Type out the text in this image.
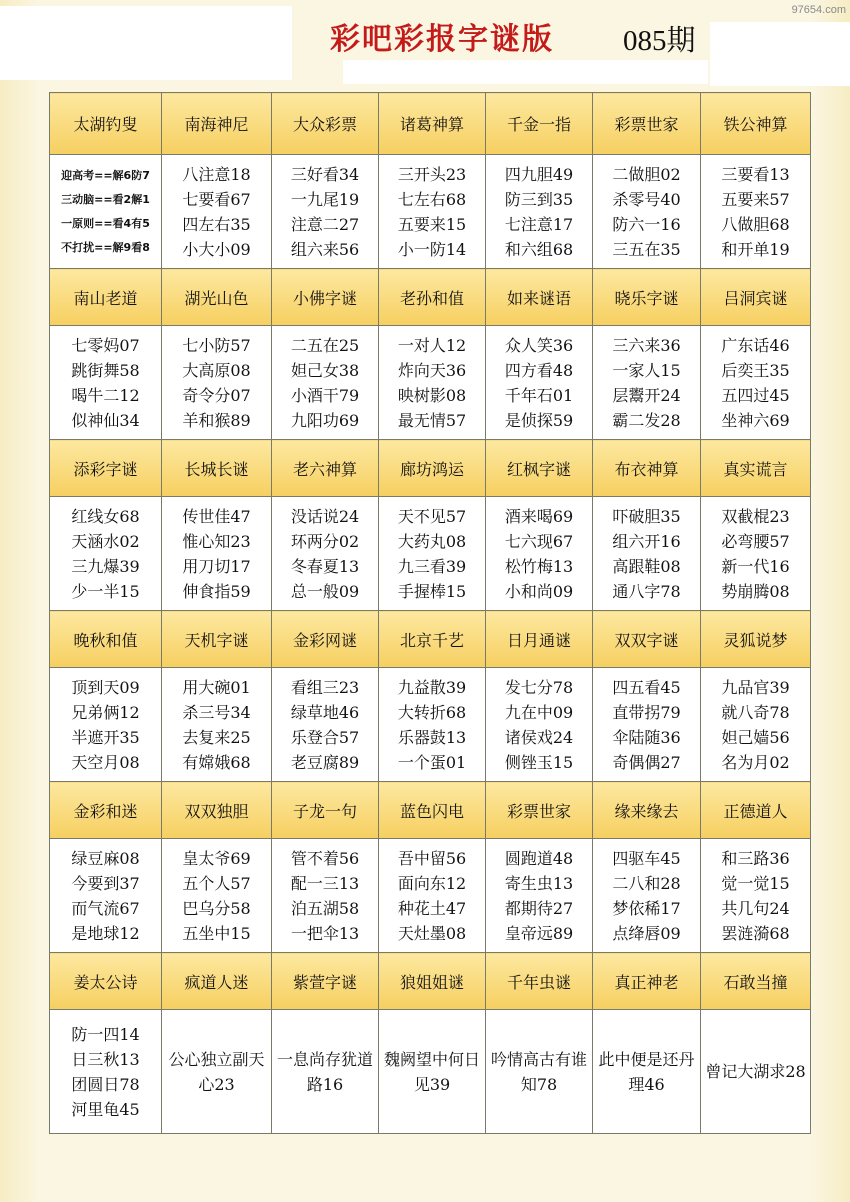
97654.com
彩吧彩报字谜版 085期
太湖钓叟	南海神尼	大众彩票	诸葛神算	千金一指	彩票世家	铁公神算

迎高考==解6防7
三动脑==看2解1
一原则==看4有5
不打扰==解9看8	八注意18
七要看67
四左右35
小大小09	三好看34
一九尾19
注意二27
组六来56	三开头23
七左右68
五要来15
小一防14	四九胆49
防三到35
七注意17
和六组68	二做胆02
杀零号40
防六一16
三五在35	三要看13
五要来57
八做胆68
和开单19

南山老道	湖光山色	小佛字谜	老孙和值	如来谜语	晓乐字谜	吕洞宾谜

七零妈07
跳街舞58
喝牛二12
似神仙34	七小防57
大高原08
奇令分07
羊和猴89	二五在25
妲己女38
小酒干79
九阳功69	一对人12
炸向天36
映树影08
最无情57	众人笑36
四方看48
千年石01
是侦探59	三六来36
一家人15
层鬻开24
霸二发28	广东话46
后奕王35
五四过45
坐神六69

添彩字谜	长城长谜	老六神算	廊坊鸿运	红枫字谜	布衣神算	真实谎言

红线女68
天涵水02
三九爆39
少一半15	传世佳47
惟心知23
用刀切17
伸食指59	没话说24
环两分02
冬春夏13
总一般09	天不见57
大药丸08
九三看39
手握棒15	酒来喝69
七六现67
松竹梅13
小和尚09	吓破胆35
组六开16
高跟鞋08
通八字78	双截棍23
必弯腰57
新一代16
势崩腾08

晚秋和值	天机字谜	金彩网谜	北京千艺	日月通谜	双双字谜	灵狐说梦

顶到天09
兄弟俩12
半遮开35
天空月08	用大碗01
杀三号34
去复来25
有嫦娥68	看组三23
绿草地46
乐登合57
老豆腐89	九益散39
大转折68
乐器鼓13
一个蛋01	发七分78
九在中09
诸侯戏24
侧锉玉15	四五看45
直带拐79
伞陆随36
奇偶偶27	九品官39
就八奇78
妲己嫱56
名为月02

金彩和迷	双双独胆	子龙一句	蓝色闪电	彩票世家	缘来缘去	正德道人

绿豆麻08
今要到37
而气流67
是地球12	皇太爷69
五个人57
巴乌分58
五坐中15	管不着56
配一三13
泊五湖58
一把伞13	吾中留56
面向东12
种花土47
天灶墨08	圆跑道48
寄生虫13
都期待27
皇帝远89	四驱车45
二八和28
梦依稀17
点绛唇09	和三路36
觉一觉15
共几句24
罢涟漪68

姜太公诗	疯道人迷	紫萱字谜	狼姐姐谜	千年虫谜	真正神老	石敢当撞

防一四14
日三秋13
团圆日78
河里龟45	公心独立副天心23	一息尚存犹道路16	魏阙望中何日见39	吟情高古有谁知78	此中便是还丹理46	曾记大湖求28
